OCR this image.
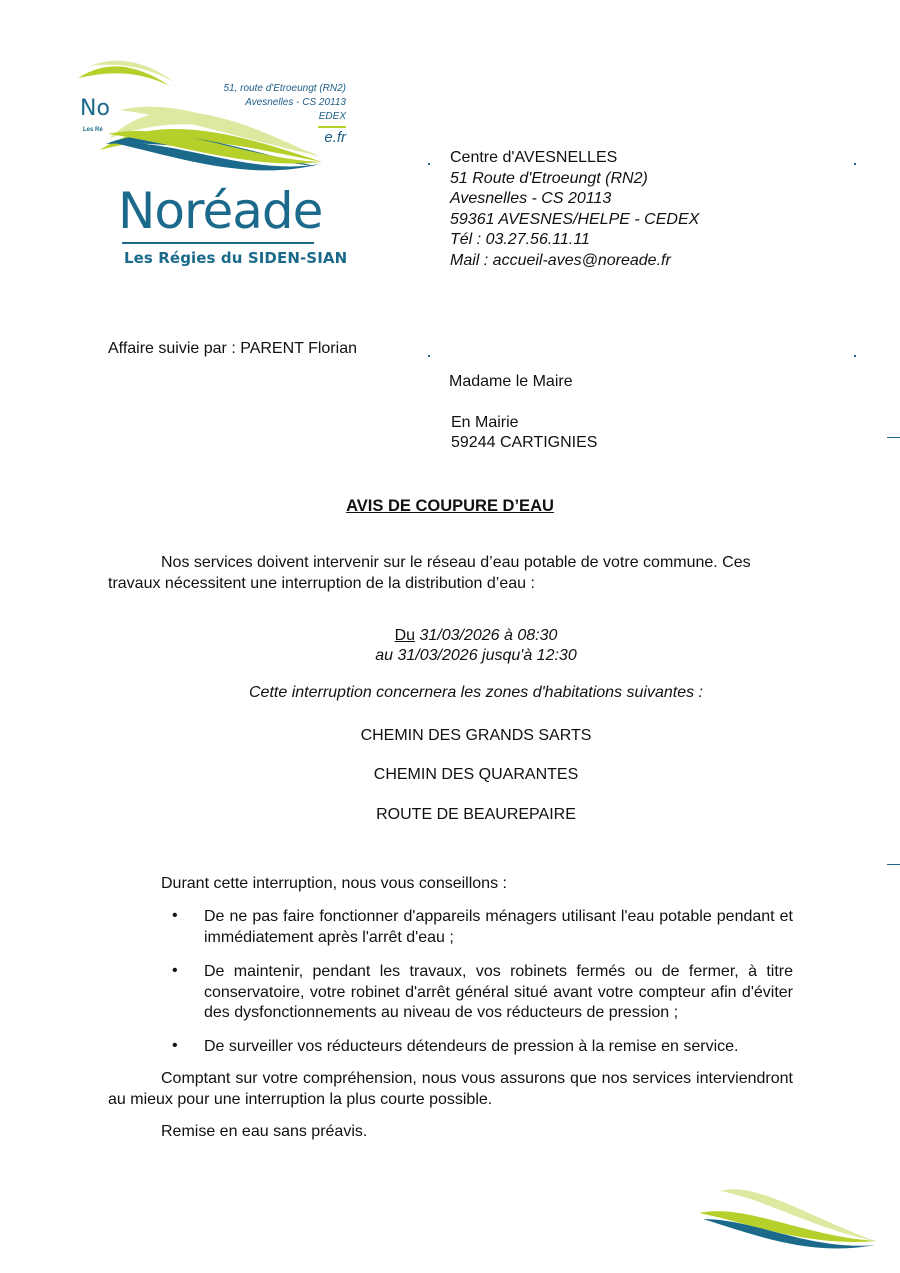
No
Les Ré
51, route d'Etroeungt (RN2)
Avesnelles - CS 20113
EDEX
e.fr
Noréade
Les Régies du SIDEN-SIAN
Centre d'AVESNELLES
51 Route d'Etroeungt (RN2)
Avesnelles - CS 20113
59361 AVESNES/HELPE - CEDEX
Tél : 03.27.56.11.11
Mail : accueil-aves@noreade.fr
Affaire suivie par : PARENT Florian
Madame le Maire
En Mairie
59244 CARTIGNIES
AVIS DE COUPURE D’EAU
Nos services doivent intervenir sur le réseau d’eau potable de votre commune. Ces travaux nécessitent une interruption de la distribution d’eau :
Du 31/03/2026 à 08:30
au 31/03/2026 jusqu'à 12:30
Cette interruption concernera les zones d'habitations suivantes :
CHEMIN DES GRANDS SARTS
CHEMIN DES QUARANTES
ROUTE DE BEAUREPAIRE
Durant cette interruption, nous vous conseillons :
• De ne pas faire fonctionner d'appareils ménagers utilisant l'eau potable pendant et immédiatement après l'arrêt d'eau ;
• De maintenir, pendant les travaux, vos robinets fermés ou de fermer, à titre conservatoire, votre robinet d'arrêt général situé avant votre compteur afin d'éviter des dysfonctionnements au niveau de vos réducteurs de pression ;
• De surveiller vos réducteurs détendeurs de pression à la remise en service.
Comptant sur votre compréhension, nous vous assurons que nos services interviendront au mieux pour une interruption la plus courte possible.
Remise en eau sans préavis.
